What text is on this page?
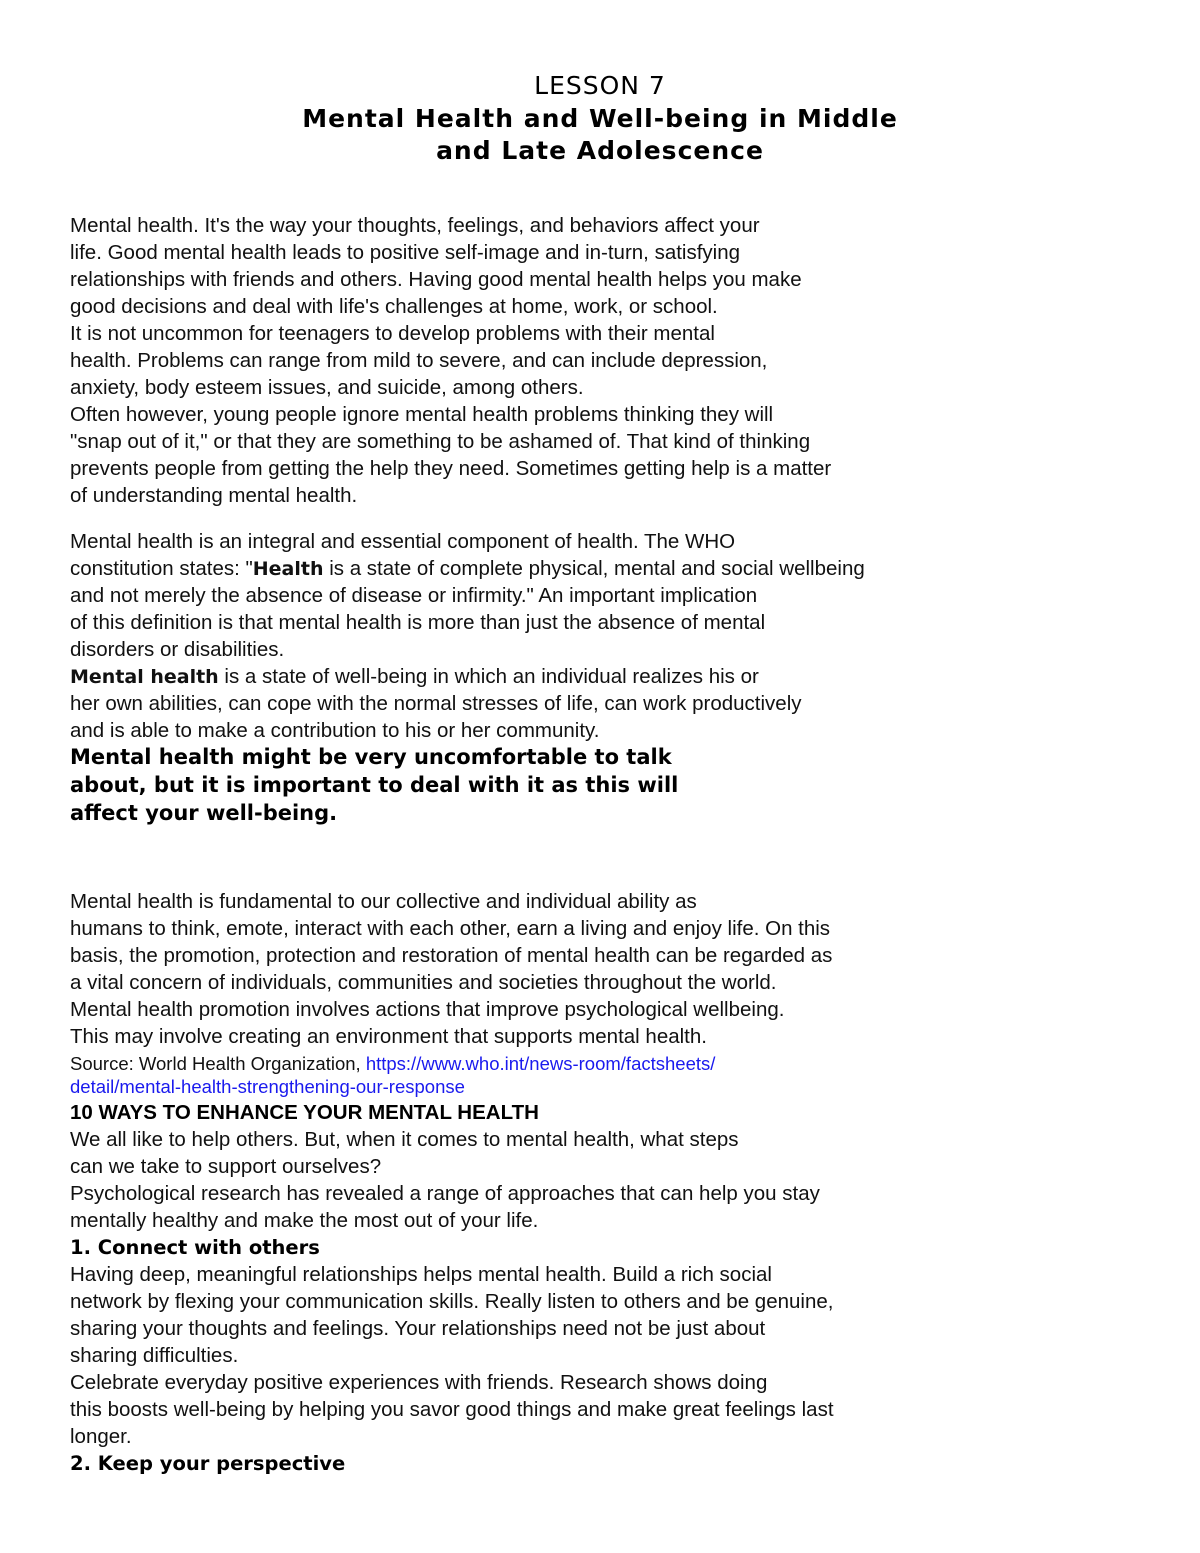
LESSON 7
Mental Health and Well-being in Middle
and Late Adolescence
Mental health. It's the way your thoughts, feelings, and behaviors affect your
life. Good mental health leads to positive self-image and in-turn, satisfying
relationships with friends and others. Having good mental health helps you make
good decisions and deal with life's challenges at home, work, or school.
It is not uncommon for teenagers to develop problems with their mental
health. Problems can range from mild to severe, and can include depression,
anxiety, body esteem issues, and suicide, among others.
Often however, young people ignore mental health problems thinking they will
"snap out of it," or that they are something to be ashamed of. That kind of thinking
prevents people from getting the help they need. Sometimes getting help is a matter
of understanding mental health.
Mental health is an integral and essential component of health. The WHO
constitution states: "Health is a state of complete physical, mental and social wellbeing
and not merely the absence of disease or infirmity." An important implication
of this definition is that mental health is more than just the absence of mental
disorders or disabilities.
Mental health is a state of well-being in which an individual realizes his or
her own abilities, can cope with the normal stresses of life, can work productively
and is able to make a contribution to his or her community.
Mental health might be very uncomfortable to talk
about, but it is important to deal with it as this will
affect your well-being.
Mental health is fundamental to our collective and individual ability as
humans to think, emote, interact with each other, earn a living and enjoy life. On this
basis, the promotion, protection and restoration of mental health can be regarded as
a vital concern of individuals, communities and societies throughout the world.
Mental health promotion involves actions that improve psychological wellbeing.
This may involve creating an environment that supports mental health.
Source: World Health Organization, https://www.who.int/news-room/factsheets/
detail/mental-health-strengthening-our-response
10 WAYS TO ENHANCE YOUR MENTAL HEALTH
We all like to help others. But, when it comes to mental health, what steps
can we take to support ourselves?
Psychological research has revealed a range of approaches that can help you stay
mentally healthy and make the most out of your life.
1. Connect with others
Having deep, meaningful relationships helps mental health. Build a rich social
network by flexing your communication skills. Really listen to others and be genuine,
sharing your thoughts and feelings. Your relationships need not be just about
sharing difficulties.
Celebrate everyday positive experiences with friends. Research shows doing
this boosts well-being by helping you savor good things and make great feelings last
longer.
2. Keep your perspective
